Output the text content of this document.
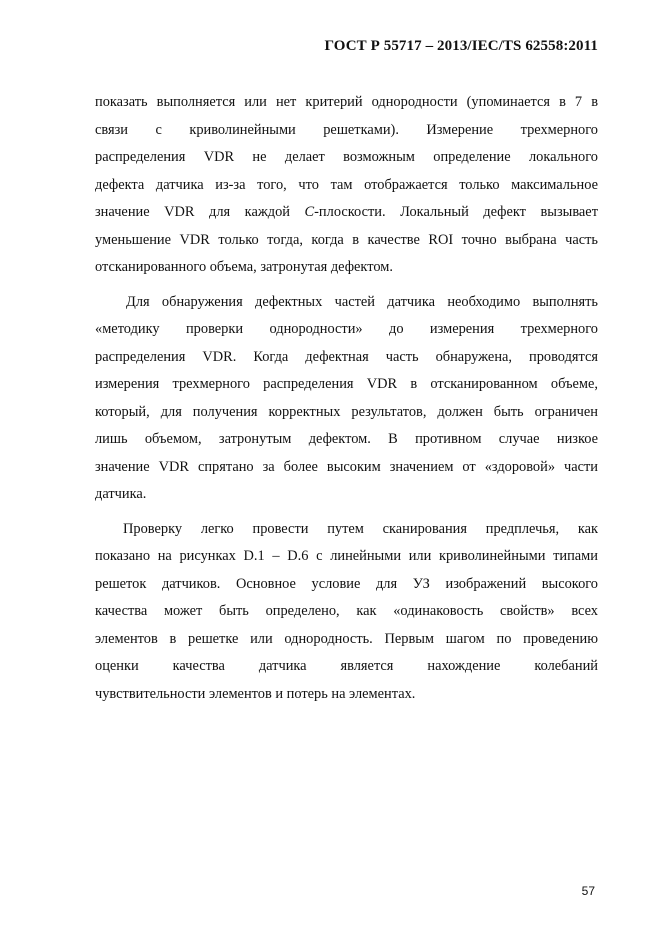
ГОСТ Р 55717 – 2013/IEC/TS 62558:2011
показать выполняется или нет критерий однородности (упоминается в 7 в
связи с криволинейными решетками). Измерение трехмерного
распределения VDR не делает возможным определение локального
дефекта датчика из-за того, что там отображается только максимальное
значение VDR для каждой С-плоскости. Локальный дефект вызывает
уменьшение VDR только тогда, когда в качестве ROI точно выбрана часть
отсканированного объема, затронутая дефектом.
Для обнаружения дефектных частей датчика необходимо выполнять
«методику проверки однородности» до измерения трехмерного
распределения VDR. Когда дефектная часть обнаружена, проводятся
измерения трехмерного распределения VDR в отсканированном объеме,
который, для получения корректных результатов, должен быть ограничен
лишь объемом, затронутым дефектом. В противном случае низкое
значение VDR спрятано за более высоким значением от «здоровой» части
датчика.
Проверку легко провести путем сканирования предплечья, как
показано на рисунках D.1 – D.6 с линейными или криволинейными типами
решеток датчиков. Основное условие для УЗ изображений высокого
качества может быть определено, как «одинаковость свойств» всех
элементов в решетке или однородность. Первым шагом по проведению
оценки качества датчика является нахождение колебаний
чувствительности элементов и потерь на элементах.
57
